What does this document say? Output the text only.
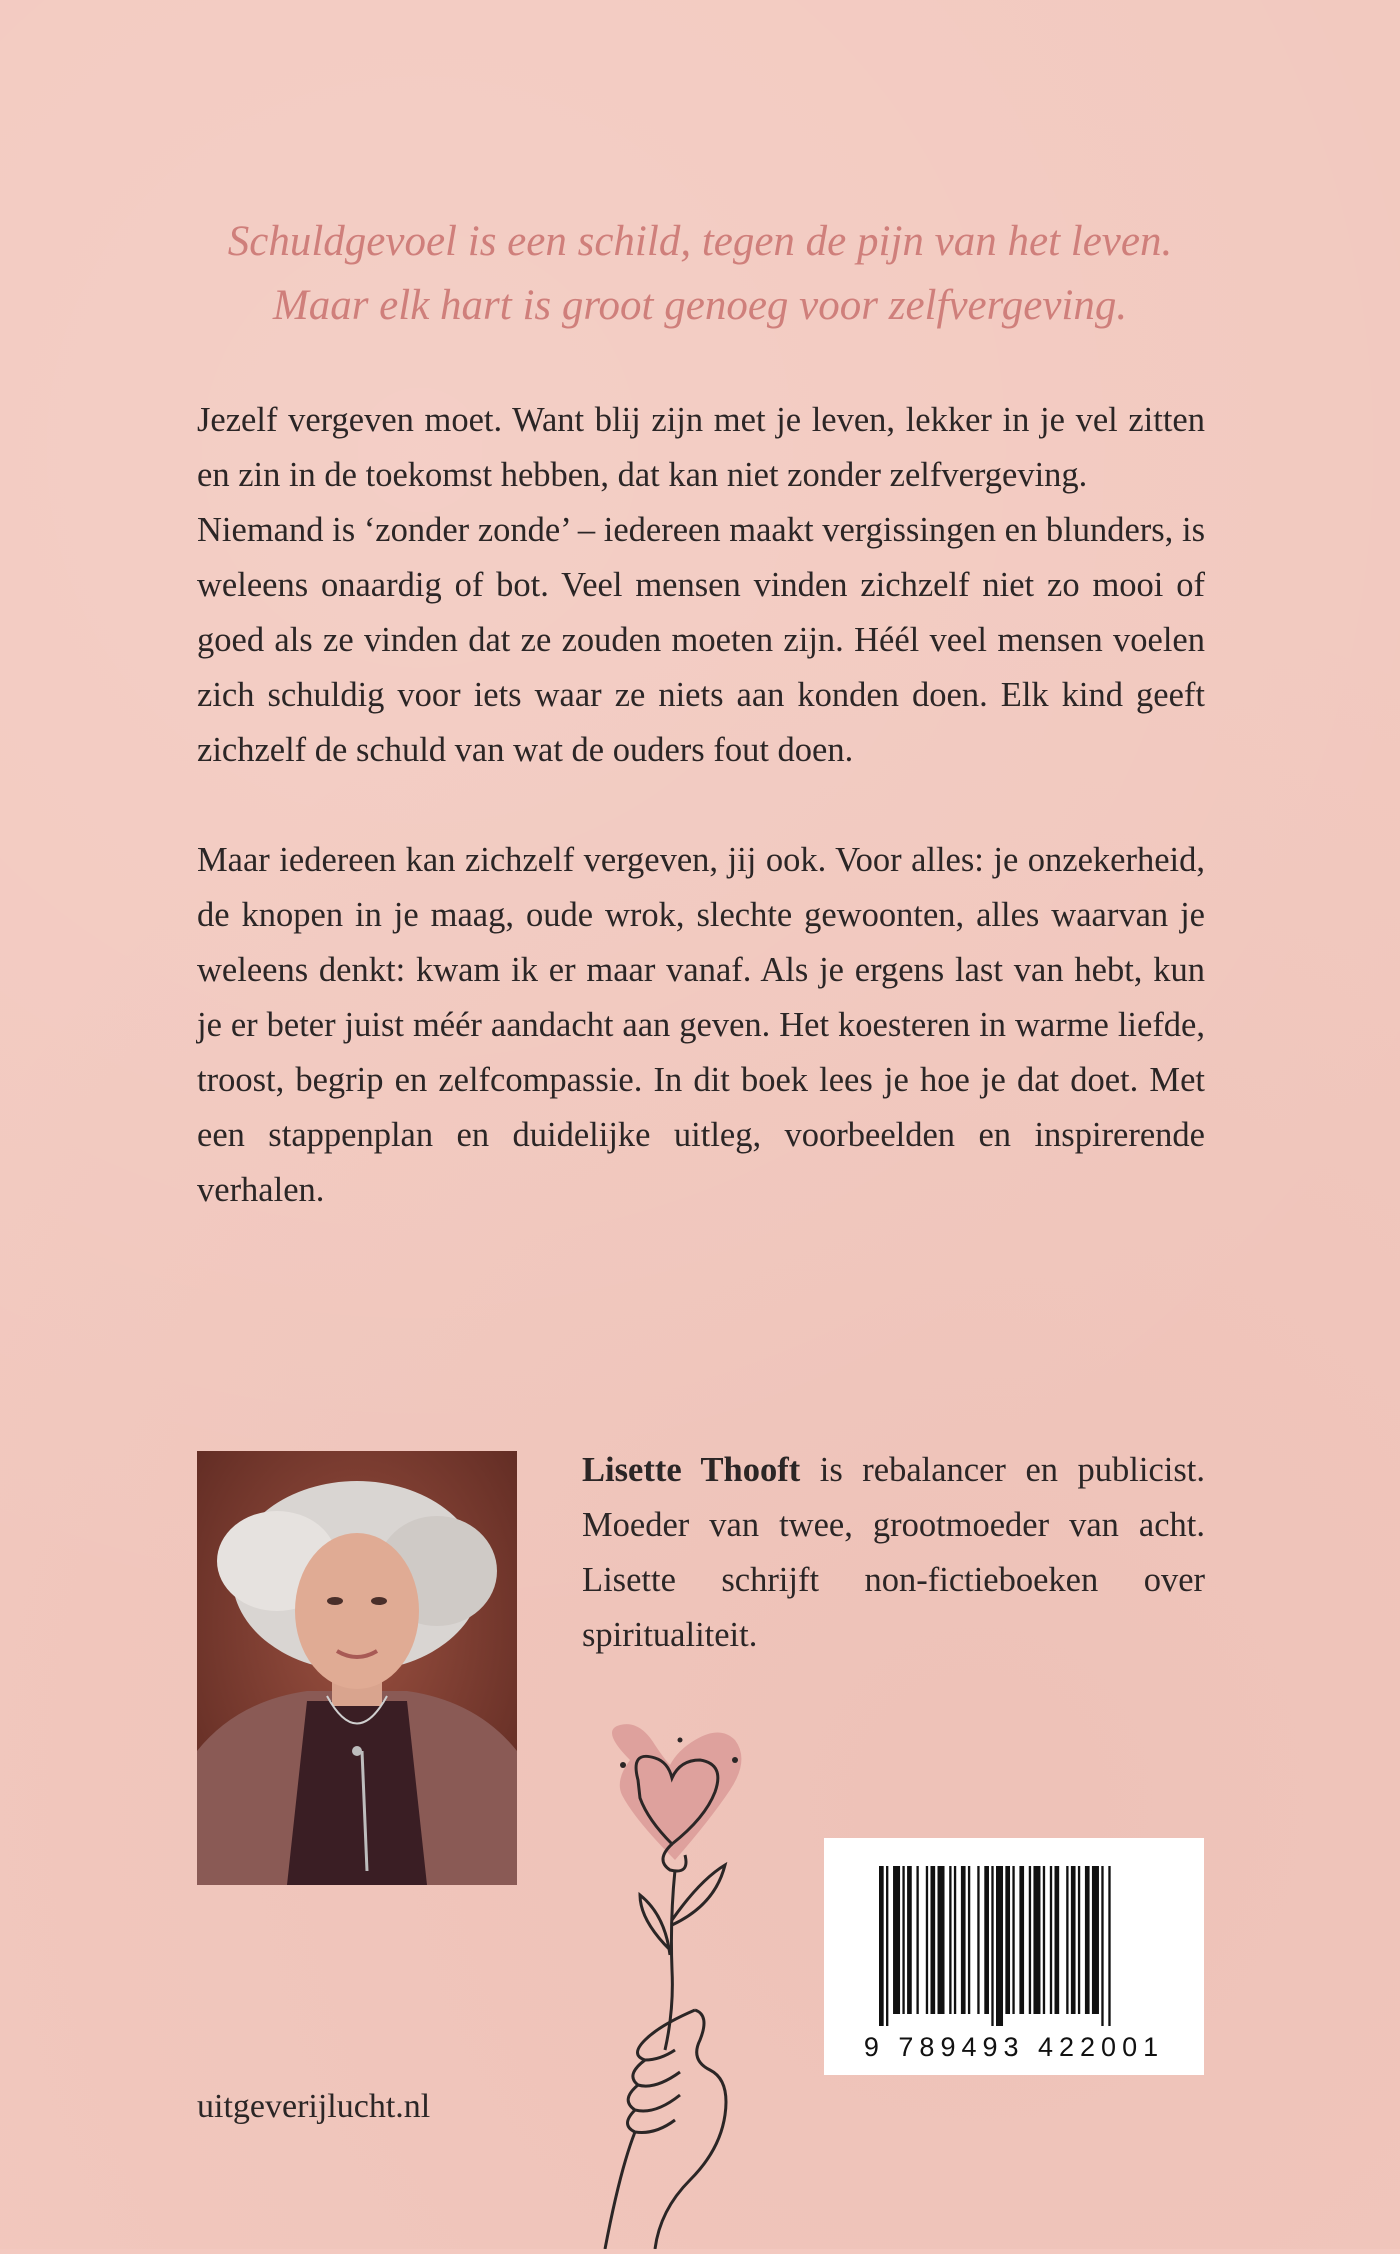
Schuldgevoel is een schild, tegen de pijn van het leven.
Maar elk hart is groot genoeg voor zelfvergeving.

Jezelf vergeven moet. Want blij zijn met je leven, lekker in je vel zitten en zin in de toekomst hebben, dat kan niet zonder zelfvergeving.

Niemand is ‘zonder zonde’ – iedereen maakt vergissingen en blunders, is weleens onaardig of bot. Veel mensen vinden zichzelf niet zo mooi of goed als ze vinden dat ze zouden moeten zijn. Héél veel mensen voelen zich schuldig voor iets waar ze niets aan konden doen. Elk kind geeft zichzelf de schuld van wat de ouders fout doen.

Maar iedereen kan zichzelf vergeven, jij ook. Voor alles: je onzekerheid, de knopen in je maag, oude wrok, slechte gewoonten, alles waarvan je weleens denkt: kwam ik er maar vanaf. Als je ergens last van hebt, kun je er beter juist méér aandacht aan geven. Het koesteren in warme liefde, troost, begrip en zelfcompassie. In dit boek lees je hoe je dat doet. Met een stappenplan en duidelijke uitleg, voorbeelden en inspirerende verhalen.

Lisette Thooft is rebalancer en publicist. Moeder van twee, grootmoeder van acht. Lisette schrijft non-fictieboeken over spiritualiteit.
9 789493 422001
uitgeverijlucht.nl
